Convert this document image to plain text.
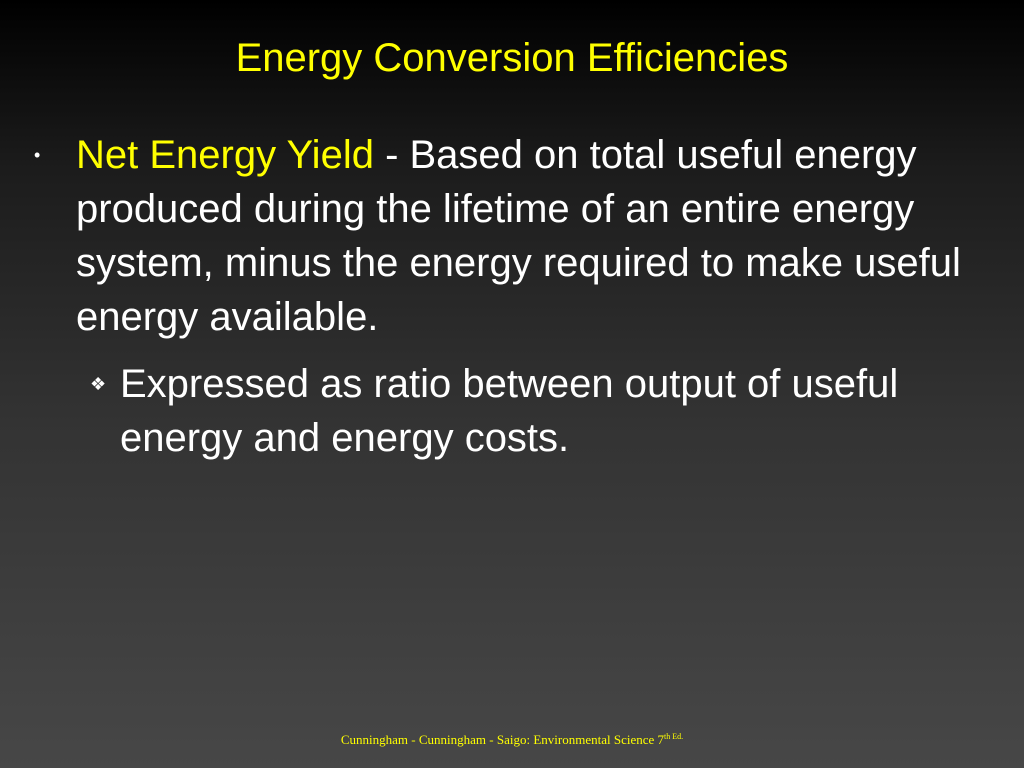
Energy Conversion Efficiencies
• Net Energy Yield - Based on total useful energy produced during the lifetime of an entire energy system, minus the energy required to make useful energy available.
❖ Expressed as ratio between output of useful energy and energy costs.
Cunningham - Cunningham - Saigo: Environmental Science $7^{th Ed.}$
